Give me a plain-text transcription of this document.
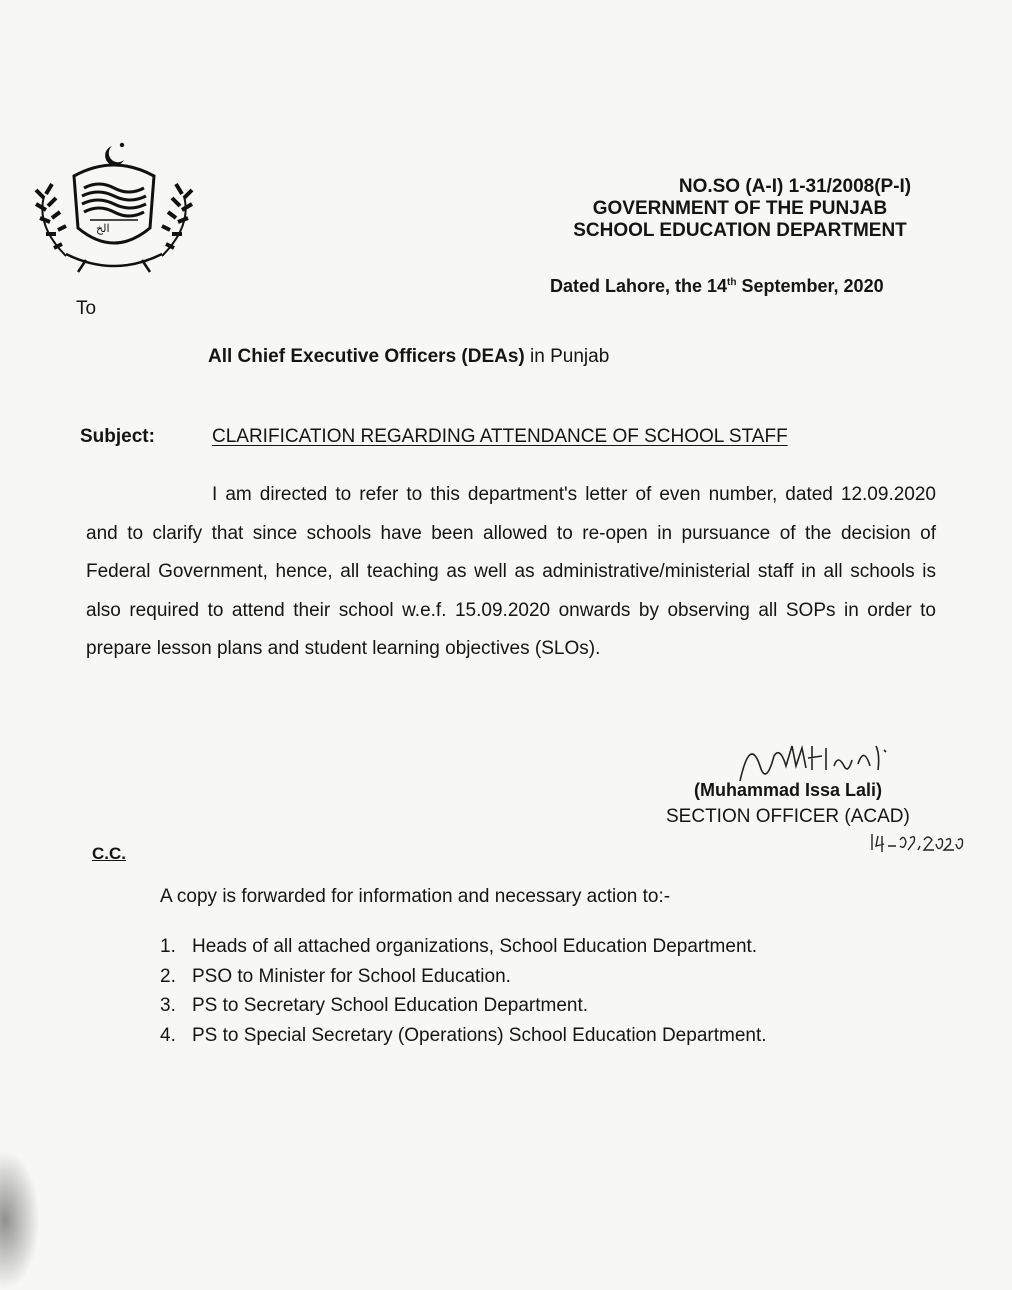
ﺍﻟﺦ
NO.SO (A-I) 1-31/2008(P-I)
GOVERNMENT OF THE PUNJAB
SCHOOL EDUCATION DEPARTMENT
Dated Lahore, the 14th September, 2020
To
All Chief Executive Officers (DEAs) in Punjab
Subject:	CLARIFICATION REGARDING ATTENDANCE OF SCHOOL STAFF

I am directed to refer to this department's letter of even number, dated 12.09.2020 and to clarify that since schools have been allowed to re-open in pursuance of the decision of Federal Government, hence, all teaching as well as administrative/ministerial staff in all schools is also required to attend their school w.e.f. 15.09.2020 onwards by observing all SOPs in order to prepare lesson plans and student learning objectives (SLOs).

(Muhammad Issa Lali)
SECTION OFFICER (ACAD)
C.C.
A copy is forwarded for information and necessary action to:-
1. Heads of all attached organizations, School Education Department.
2. PSO to Minister for School Education.
3. PS to Secretary School Education Department.
4. PS to Special Secretary (Operations) School Education Department.
